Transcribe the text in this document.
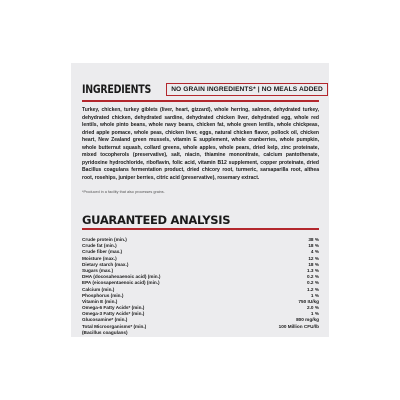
INGREDIENTS	NO GRAIN INGREDIENTS* | NO MEALS ADDED
Turkey, chicken, turkey giblets (liver, heart, gizzard), whole herring, salmon, dehydrated turkey, dehydrated chicken, dehydrated sardine, dehydrated chicken liver, dehydrated egg, whole red lentils, whole pinto beans, whole navy beans, chicken fat, whole green lentils, whole chickpeas, dried apple pomace, whole peas, chicken liver, eggs, natural chicken flavor, pollock oil, chicken heart, New Zealand green mussels, vitamin E supplement, whole cranberries, whole pumpkin, whole butternut squash, collard greens, whole apples, whole pears, dried kelp, zinc proteinate, mixed tocopherols (preservative), salt, niacin, thiamine mononitrate, calcium pantothenate, pyridoxine hydrochloride, riboflavin, folic acid, vitamin B12 supplement, copper proteinate, dried Bacillus coagulans fermentation product, dried chicory root, turmeric, sarsaparilla root, althea root, rosehips, juniper berries, citric acid (preservative), rosemary extract.
*Produced in a facility that also processes grains.
GUARANTEED ANALYSIS
Crude protein (min.)	38 %
Crude fat (min.)	18 %
Crude fiber (max.)	4 %
Moisture (max.)	12 %
Dietary starch (max.)	18 %
Sugars (max.)	1.3 %
DHA (docosahexaenoic acid) (min.)	0.2 %
EPA (eicosapentaenoic acid) (min.)	0.2 %
Calcium (min.)	1.2 %
Phosphorus (min.)	1 %
Vitamin E (min.)	750 IU/kg
Omega-6 Fatty Acids* (min.)	2.0 %
Omega-3 Fatty Acids* (min.)	1 %
Glucosamine* (min.)	800 mg/kg
Total Microorganisms* (min.)	100 Million CFU/lb
(Bacillus coagulans)
